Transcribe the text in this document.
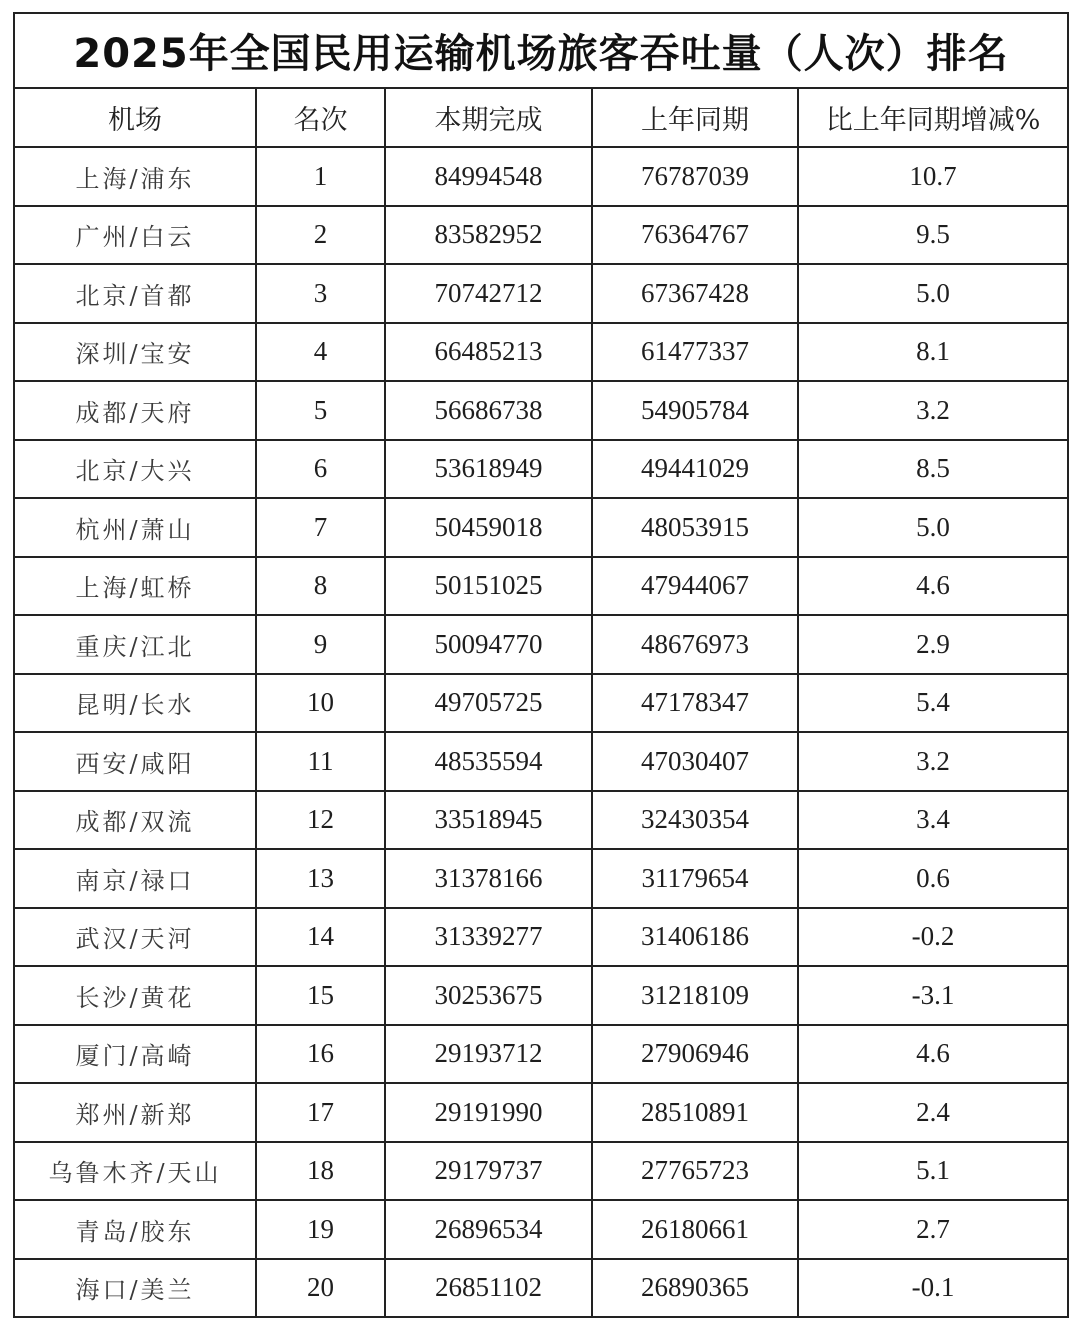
2025年全国民用运输机场旅客吞吐量（人次）排名				
机场	名次	本期完成	上年同期	比上年同期增减%
上海/浦东	1	84994548	76787039	10.7
广州/白云	2	83582952	76364767	9.5
北京/首都	3	70742712	67367428	5.0
深圳/宝安	4	66485213	61477337	8.1
成都/天府	5	56686738	54905784	3.2
北京/大兴	6	53618949	49441029	8.5
杭州/萧山	7	50459018	48053915	5.0
上海/虹桥	8	50151025	47944067	4.6
重庆/江北	9	50094770	48676973	2.9
昆明/长水	10	49705725	47178347	5.4
西安/咸阳	11	48535594	47030407	3.2
成都/双流	12	33518945	32430354	3.4
南京/禄口	13	31378166	31179654	0.6
武汉/天河	14	31339277	31406186	-0.2
长沙/黄花	15	30253675	31218109	-3.1
厦门/高崎	16	29193712	27906946	4.6
郑州/新郑	17	29191990	28510891	2.4
乌鲁木齐/天山	18	29179737	27765723	5.1
青岛/胶东	19	26896534	26180661	2.7
海口/美兰	20	26851102	26890365	-0.1
